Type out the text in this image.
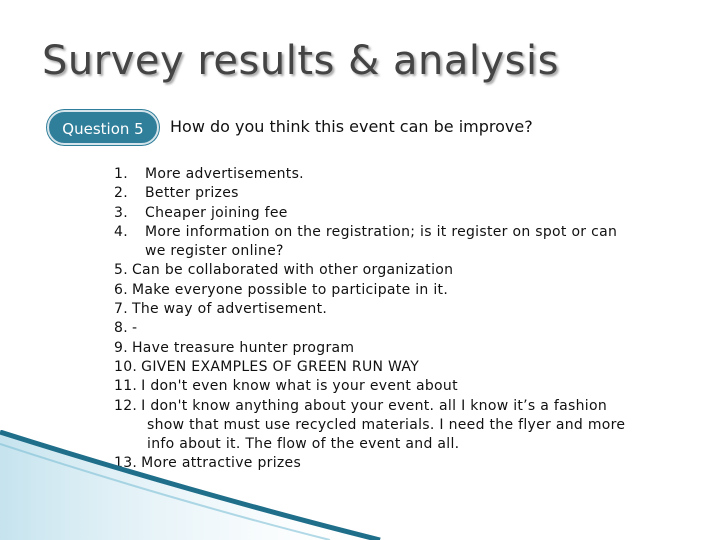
Survey results & analysis
Question 5	How do you think this event can be improve?
1. More advertisements.
2. Better prizes
3. Cheaper joining fee
4. More information on the registration; is it register on spot or can we register online?
5. Can be collaborated with other organization
6. Make everyone possible to participate in it.
7. The way of advertisement.
8. -
9. Have treasure hunter program
10. GIVEN EXAMPLES OF GREEN RUN WAY
11. I don't even know what is your event about
12. I don't know anything about your event. all I know it’s a fashion show that must use recycled materials. I need the flyer and more info about it. The flow of the event and all.
13. More attractive prizes
